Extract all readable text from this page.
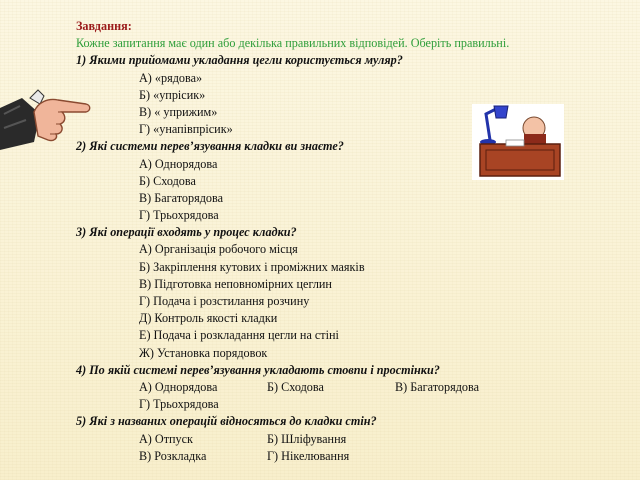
Завдання:
Кожне запитання має один або декілька правильних відповідей. Оберіть правильні.
1) Якими прийомами укладання цегли користується муляр?
А) «рядова»
Б) «упрісик»
В) « уприжим»
Г) «унапівпрісик»
2) Які системи перев’язування кладки ви знаєте?
А) Однорядова
Б) Сходова
В) Багаторядова
Г) Трьохрядова
3) Які операції входять у процес кладки?
А) Організація робочого місця
Б) Закріплення кутових і проміжних маяків
В) Підготовка неповномірних цеглин
Г) Подача і розстилання розчину
Д) Контроль якості кладки
Е) Подача і розкладання цегли на стіні
Ж) Установка порядовок
4) По якій системі перев’язування укладають стовпи і простінки?
А) Однорядова	Б) Сходова	В) Багаторядова
Г) Трьохрядова
5) Які з названих операцій відносяться до кладки стін?
А) Отпуск	Б) Шліфування
В) Розкладка	Г) Нікелювання
